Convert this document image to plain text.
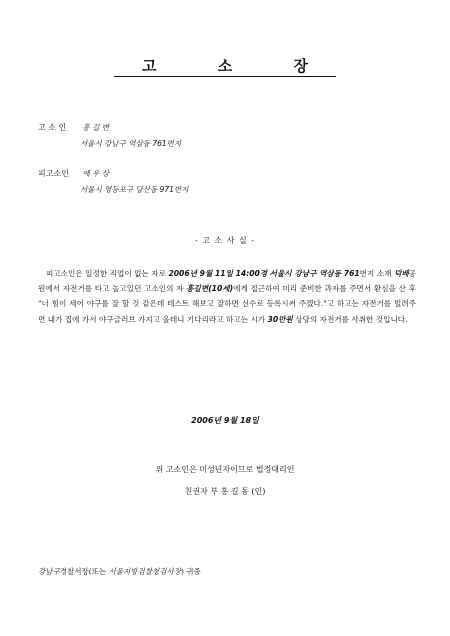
고 소 장
고 소 인 홍 길 변
서울시 강남구 역삼동 761번지
피고소인 애 우 상
서울시 영등포구 당산동 971번지
- 고 소 사 실 -
피고소인은 일정한 직업이 없는 자로 2006년 9월 11일 14:00경 서울시 강남구 역삼동 761번지 소재 덕배공원에서 자전거를 타고 놀고있던 고소인의 자 홍길변(10세)에게 접근하여 미리 준비한 과자를 주면서 환심을 산 후 "너 힘이 세어 야구를 잘 할 것 같은데 테스트 해보고 잘하면 선수로 등록시켜 주겠다."고 하고는 자전거를 빌려주면 내가 집에 가서 야구글러브 가지고 올테니 기다리라고 하고는 시가 30만원 상당의 자전거를 사취한 것입니다.
2006년 9월 18일
위 고소인은 미성년자이므로 법정대리인
친권자 부 홍 길 동 (인)
강남구경찰서장(또는 서울지방검찰청검사장) 귀중
